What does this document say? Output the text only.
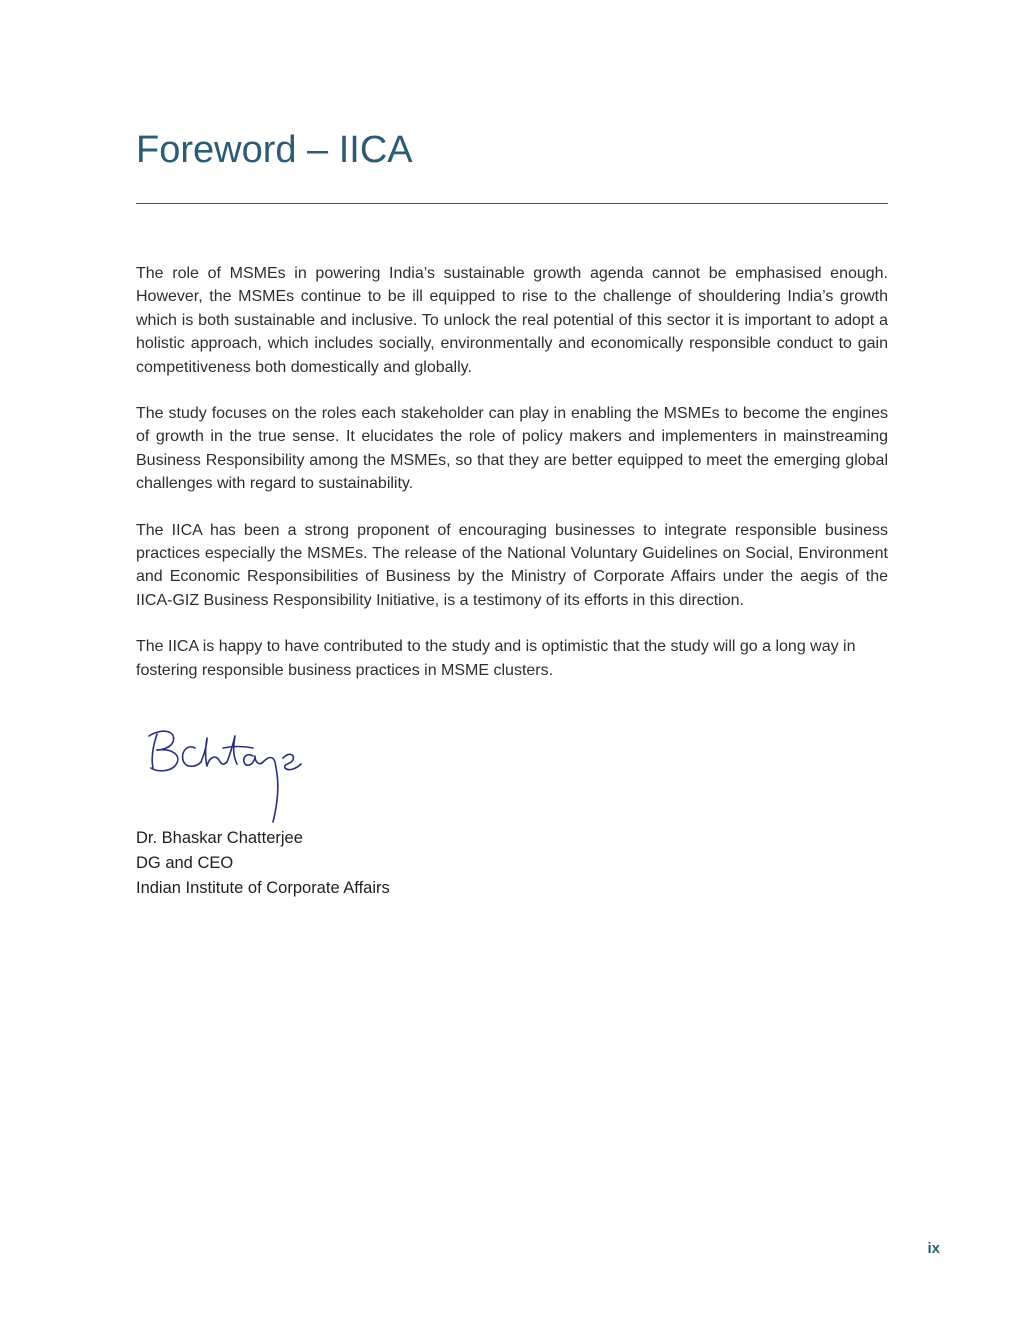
Foreword – IICA

The role of MSMEs in powering India’s sustainable growth agenda cannot be emphasised enough. However, the MSMEs continue to be ill equipped to rise to the challenge of shouldering India’s growth which is both sustainable and inclusive. To unlock the real potential of this sector it is important to adopt a holistic approach, which includes socially, environmentally and economically responsible conduct to gain competitiveness both domestically and globally.

The study focuses on the roles each stakeholder can play in enabling the MSMEs to become the engines of growth in the true sense. It elucidates the role of policy makers and implementers in mainstreaming Business Responsibility among the MSMEs, so that they are better equipped to meet the emerging global challenges with regard to sustainability.

The IICA has been a strong proponent of encouraging businesses to integrate responsible business practices especially the MSMEs. The release of the National Voluntary Guidelines on Social, Environment and Economic Responsibilities of Business by the Ministry of Corporate Affairs under the aegis of the IICA-GIZ Business Responsibility Initiative, is a testimony of its efforts in this direction.

The IICA is happy to have contributed to the study and is optimistic that the study will go a long way in fostering responsible business practices in MSME clusters.

Dr. Bhaskar Chatterjee
DG and CEO
Indian Institute of Corporate Affairs
ix
